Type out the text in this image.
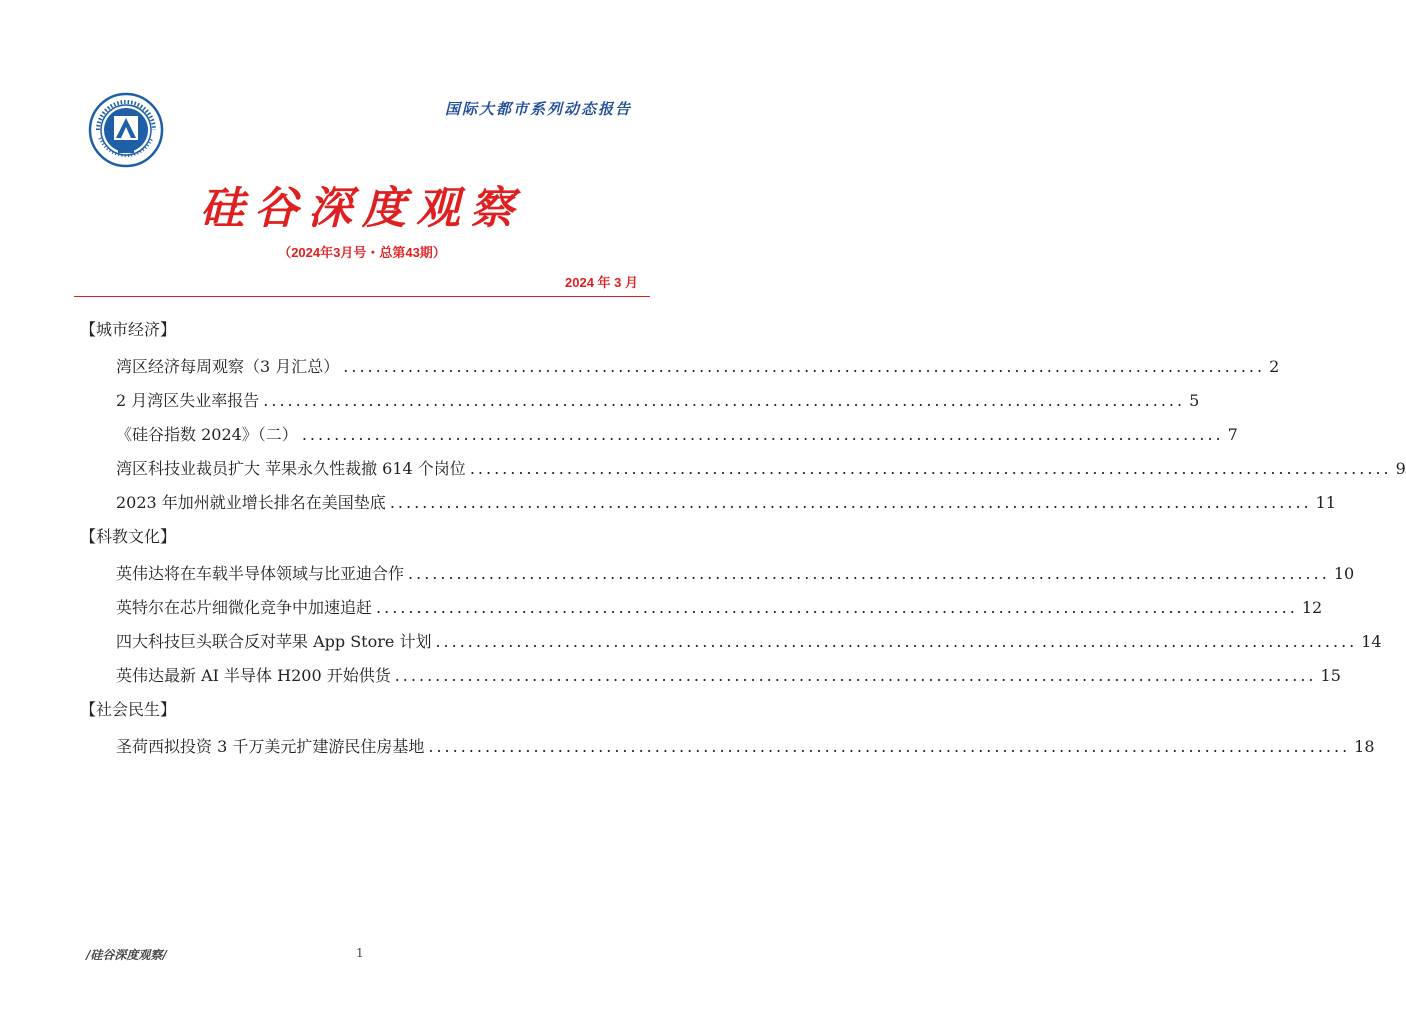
国际大都市系列动态报告
硅谷深度观察
（2024年3月号・总第43期）
2024 年 3 月
【城市经济】
湾区经济每周观察（3 月汇总） .................................................................................................................. 2
2 月湾区失业率报告 .................................................................................................................. 5
《硅谷指数 2024》（二） .................................................................................................................. 7
湾区科技业裁员扩大 苹果永久性裁撤 614 个岗位 .................................................................................................................. 9
2023 年加州就业增长排名在美国垫底 .................................................................................................................. 11
【科教文化】
英伟达将在车载半导体领域与比亚迪合作 .................................................................................................................. 10
英特尔在芯片细微化竞争中加速追赶 .................................................................................................................. 12
四大科技巨头联合反对苹果 App Store 计划 .................................................................................................................. 14
英伟达最新 AI 半导体 H200 开始供货 .................................................................................................................. 15
【社会民生】
圣荷西拟投资 3 千万美元扩建游民住房基地 .................................................................................................................. 18
/硅谷深度观察/	1
